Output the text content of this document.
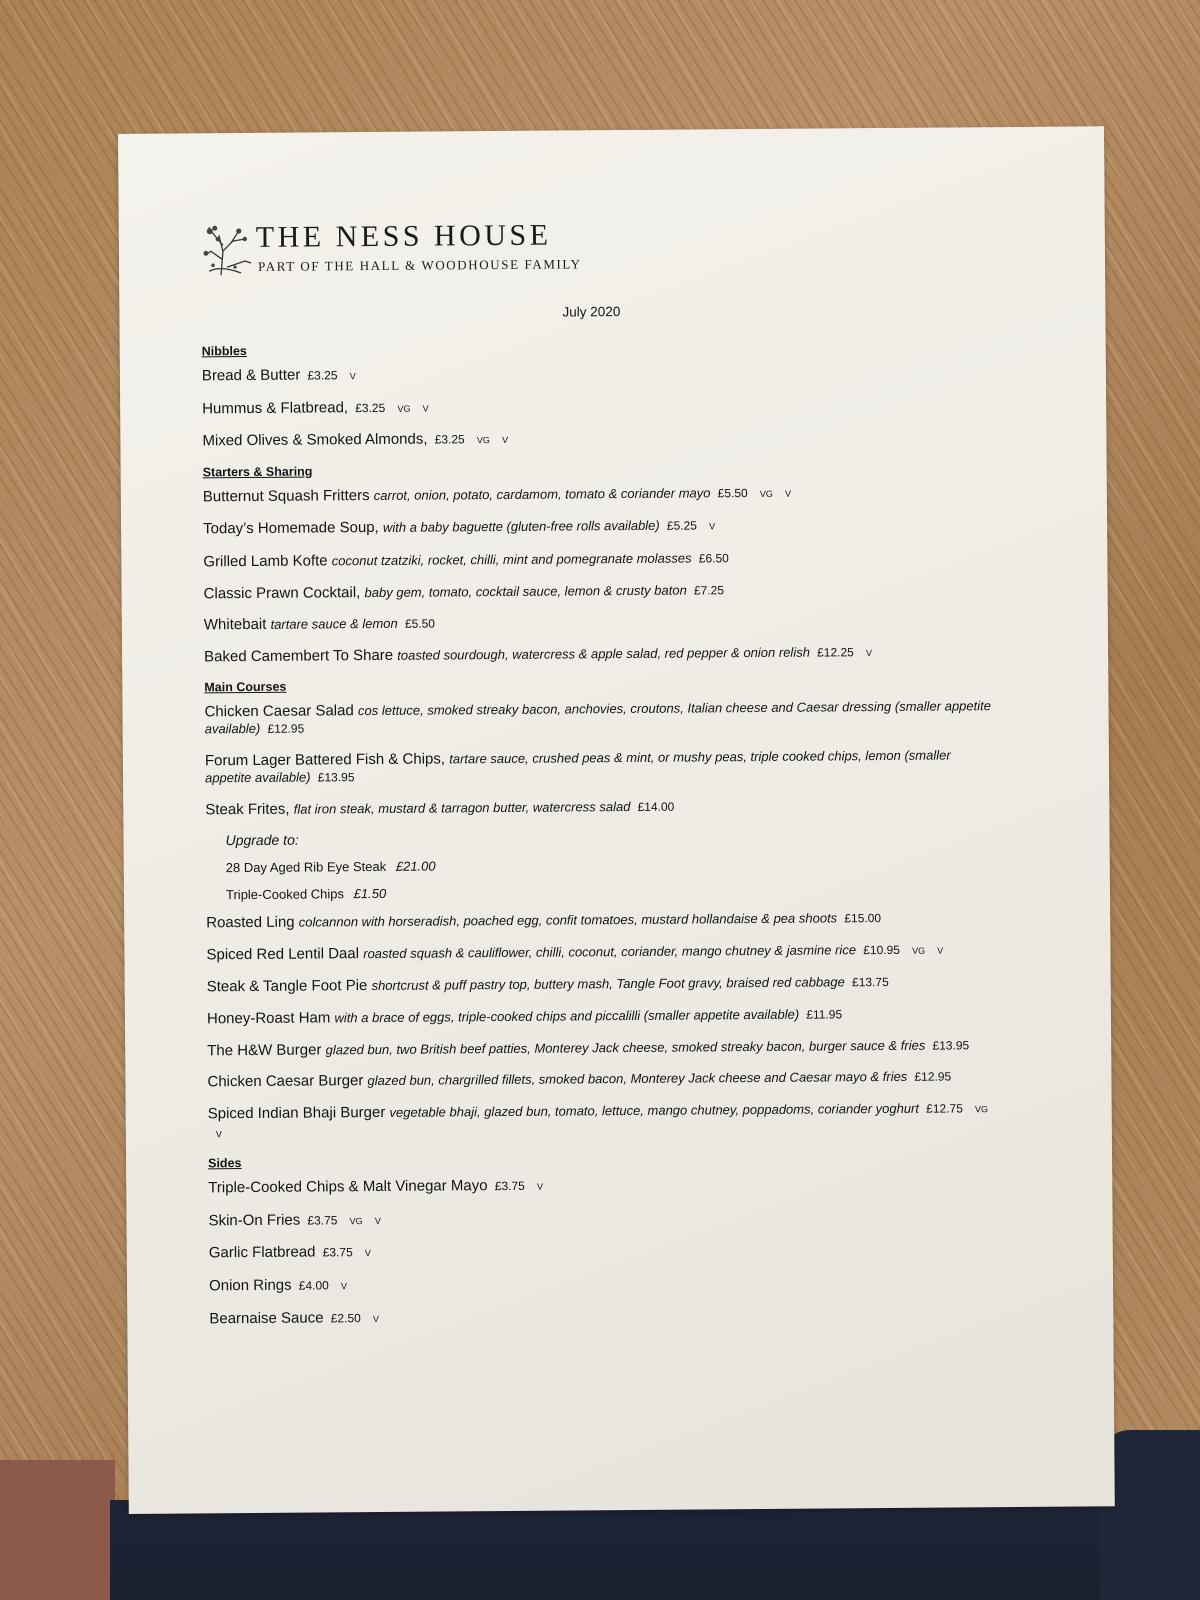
THE NESS HOUSE
PART OF THE HALL & WOODHOUSE FAMILY
July 2020
Nibbles
Bread & Butter £3.25 V
Hummus & Flatbread, £3.25 VG V
Mixed Olives & Smoked Almonds, £3.25 VG V
Starters & Sharing
Butternut Squash Fritters carrot, onion, potato, cardamom, tomato & coriander mayo £5.50 VG V
Today’s Homemade Soup, with a baby baguette (gluten-free rolls available) £5.25 V
Grilled Lamb Kofte coconut tzatziki, rocket, chilli, mint and pomegranate molasses £6.50
Classic Prawn Cocktail, baby gem, tomato, cocktail sauce, lemon & crusty baton £7.25
Whitebait tartare sauce & lemon £5.50
Baked Camembert To Share toasted sourdough, watercress & apple salad, red pepper & onion relish £12.25 V
Main Courses
Chicken Caesar Salad cos lettuce, smoked streaky bacon, anchovies, croutons, Italian cheese and Caesar dressing (smaller appetite available) £12.95
Forum Lager Battered Fish & Chips, tartare sauce, crushed peas & mint, or mushy peas, triple cooked chips, lemon (smaller appetite available) £13.95
Steak Frites, flat iron steak, mustard & tarragon butter, watercress salad £14.00
Upgrade to:
28 Day Aged Rib Eye Steak £21.00
Triple-Cooked Chips £1.50
Roasted Ling colcannon with horseradish, poached egg, confit tomatoes, mustard hollandaise & pea shoots £15.00
Spiced Red Lentil Daal roasted squash & cauliflower, chilli, coconut, coriander, mango chutney & jasmine rice £10.95 VG V
Steak & Tangle Foot Pie shortcrust & puff pastry top, buttery mash, Tangle Foot gravy, braised red cabbage £13.75
Honey-Roast Ham with a brace of eggs, triple-cooked chips and piccalilli (smaller appetite available) £11.95
The H&W Burger glazed bun, two British beef patties, Monterey Jack cheese, smoked streaky bacon, burger sauce & fries £13.95
Chicken Caesar Burger glazed bun, chargrilled fillets, smoked bacon, Monterey Jack cheese and Caesar mayo & fries £12.95
Spiced Indian Bhaji Burger vegetable bhaji, glazed bun, tomato, lettuce, mango chutney, poppadoms, coriander yoghurt £12.75 VG V
Sides
Triple-Cooked Chips & Malt Vinegar Mayo £3.75 V
Skin-On Fries £3.75 VG V
Garlic Flatbread £3.75 V
Onion Rings £4.00 V
Bearnaise Sauce £2.50 V
